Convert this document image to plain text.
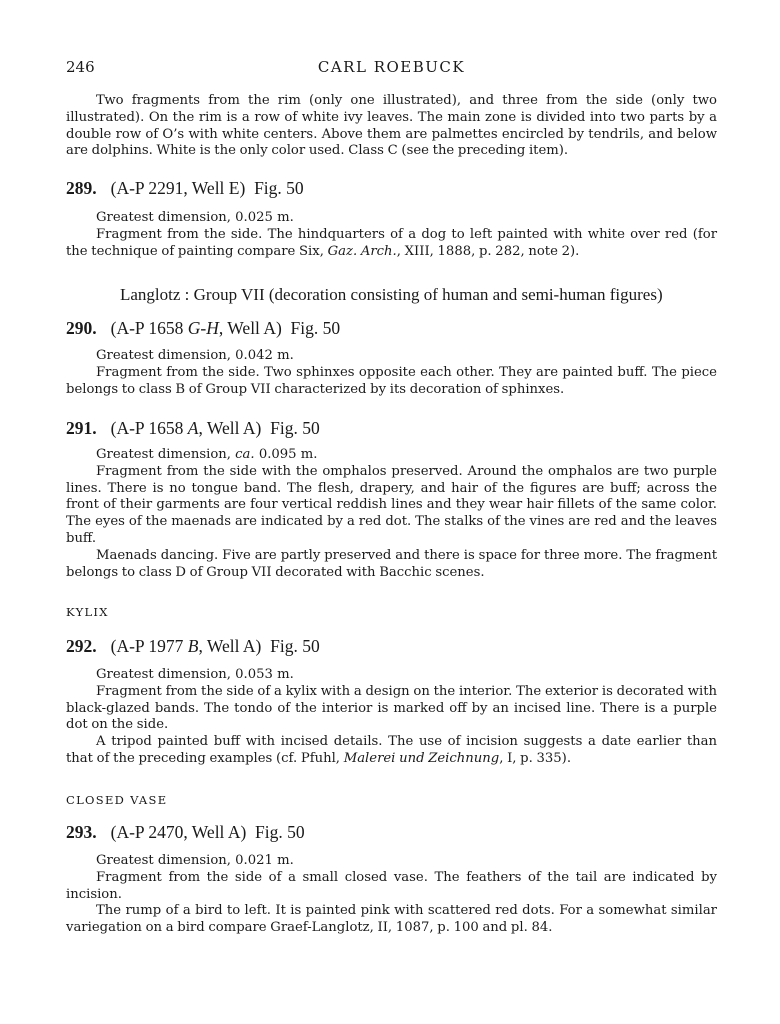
246	CARL ROEBUCK

Two fragments from the rim (only one illustrated), and three from the side (only two illustrated). On the rim is a row of white ivy leaves. The main zone is divided into two parts by a double row of O’s with white centers. Above them are palmettes encircled by tendrils, and below are dolphins. White is the only color used. Class C (see the preceding item).

289. (A-P 2291, Well E) Fig. 50

Greatest dimension, 0.025 m.

Fragment from the side. The hindquarters of a dog to left painted with white over red (for the technique of painting compare Six, Gaz. Arch., XIII, 1888, p. 282, note 2).

Langlotz : Group VII (decoration consisting of human and semi-human figures)
290. (A-P 1658 G-H, Well A) Fig. 50

Greatest dimension, 0.042 m.

Fragment from the side. Two sphinxes opposite each other. They are painted buff. The piece belongs to class B of Group VII characterized by its decoration of sphinxes.

291. (A-P 1658 A, Well A) Fig. 50

Greatest dimension, ca. 0.095 m.

Fragment from the side with the omphalos preserved. Around the omphalos are two purple lines. There is no tongue band. The flesh, drapery, and hair of the figures are buff; across the front of their garments are four vertical reddish lines and they wear hair fillets of the same color. The eyes of the maenads are indicated by a red dot. The stalks of the vines are red and the leaves buff.

Maenads dancing. Five are partly preserved and there is space for three more. The fragment belongs to class D of Group VII decorated with Bacchic scenes.

KYLIX
292. (A-P 1977 B, Well A) Fig. 50

Greatest dimension, 0.053 m.

Fragment from the side of a kylix with a design on the interior. The exterior is decorated with black-glazed bands. The tondo of the interior is marked off by an incised line. There is a purple dot on the side.

A tripod painted buff with incised details. The use of incision suggests a date earlier than that of the preceding examples (cf. Pfuhl, Malerei und Zeichnung, I, p. 335).

CLOSED VASE
293. (A-P 2470, Well A) Fig. 50

Greatest dimension, 0.021 m.

Fragment from the side of a small closed vase. The feathers of the tail are indicated by incision.

The rump of a bird to left. It is painted pink with scattered red dots. For a somewhat similar variegation on a bird compare Graef-Langlotz, II, 1087, p. 100 and pl. 84.
